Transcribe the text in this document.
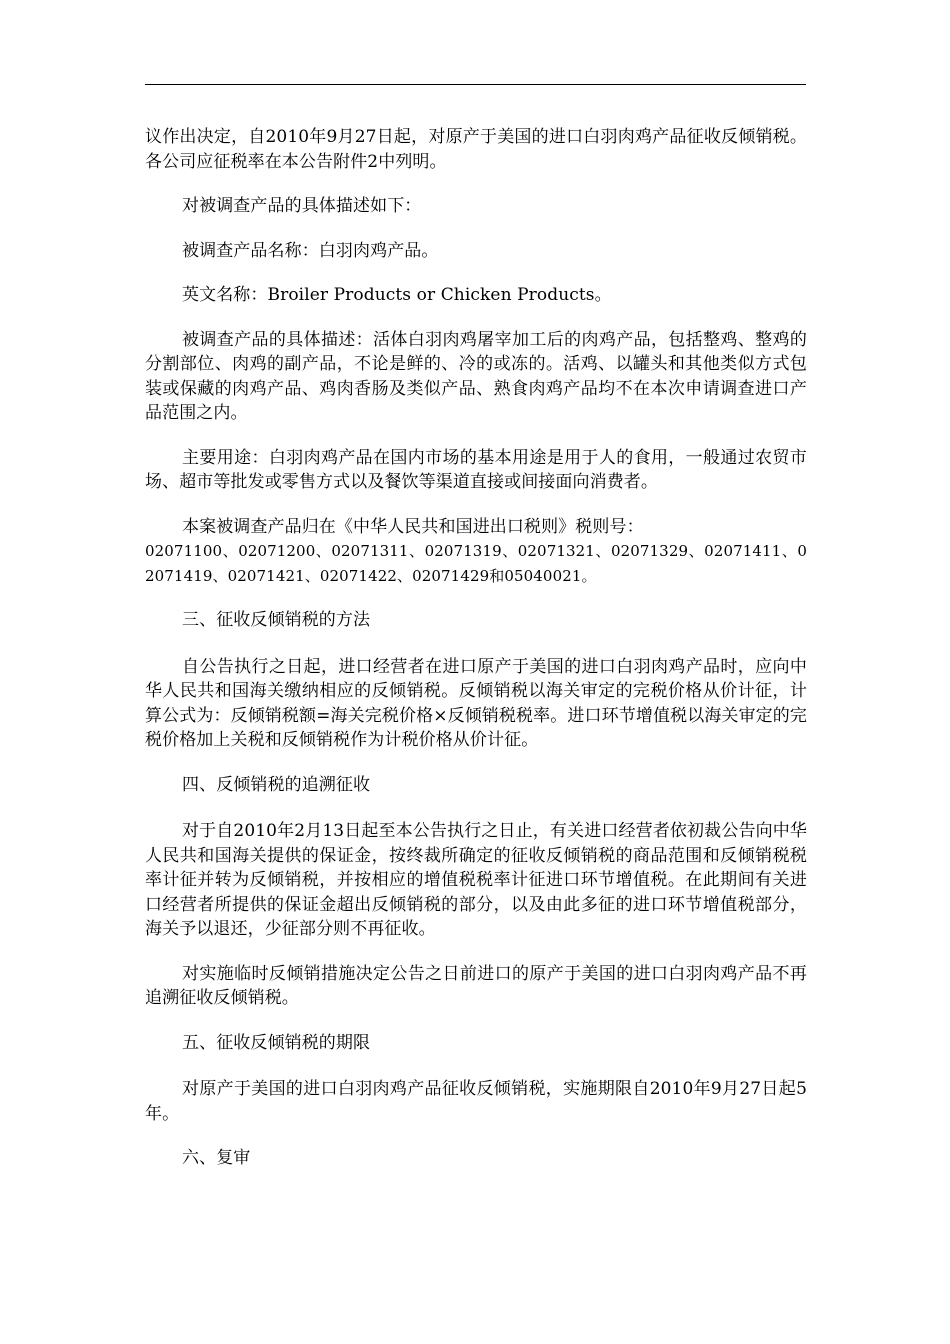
议作出决定，自2010年9月27日起，对原产于美国的进口白羽肉鸡产品征收反倾销税。各公司应征税率在本公告附件2中列明。

对被调查产品的具体描述如下：

被调查产品名称：白羽肉鸡产品。

英文名称：Broiler Products or Chicken Products。

被调查产品的具体描述：活体白羽肉鸡屠宰加工后的肉鸡产品，包括整鸡、整鸡的分割部位、肉鸡的副产品，不论是鲜的、冷的或冻的。活鸡、以罐头和其他类似方式包装或保藏的肉鸡产品、鸡肉香肠及类似产品、熟食肉鸡产品均不在本次申请调查进口产品范围之内。

主要用途：白羽肉鸡产品在国内市场的基本用途是用于人的食用，一般通过农贸市场、超市等批发或零售方式以及餐饮等渠道直接或间接面向消费者。

本案被调查产品归在《中华人民共和国进出口税则》税则号：
02071100、02071200、02071311、02071319、02071321、02071329、02071411、02071419、02071421、02071422、02071429和05040021。

三、征收反倾销税的方法

自公告执行之日起，进口经营者在进口原产于美国的进口白羽肉鸡产品时，应向中华人民共和国海关缴纳相应的反倾销税。反倾销税以海关审定的完税价格从价计征，计算公式为：反倾销税额=海关完税价格×反倾销税税率。进口环节增值税以海关审定的完税价格加上关税和反倾销税作为计税价格从价计征。

四、反倾销税的追溯征收

对于自2010年2月13日起至本公告执行之日止，有关进口经营者依初裁公告向中华人民共和国海关提供的保证金，按终裁所确定的征收反倾销税的商品范围和反倾销税税率计征并转为反倾销税，并按相应的增值税税率计征进口环节增值税。在此期间有关进口经营者所提供的保证金超出反倾销税的部分，以及由此多征的进口环节增值税部分，海关予以退还，少征部分则不再征收。

对实施临时反倾销措施决定公告之日前进口的原产于美国的进口白羽肉鸡产品不再追溯征收反倾销税。

五、征收反倾销税的期限

对原产于美国的进口白羽肉鸡产品征收反倾销税，实施期限自2010年9月27日起5年。

六、复审
